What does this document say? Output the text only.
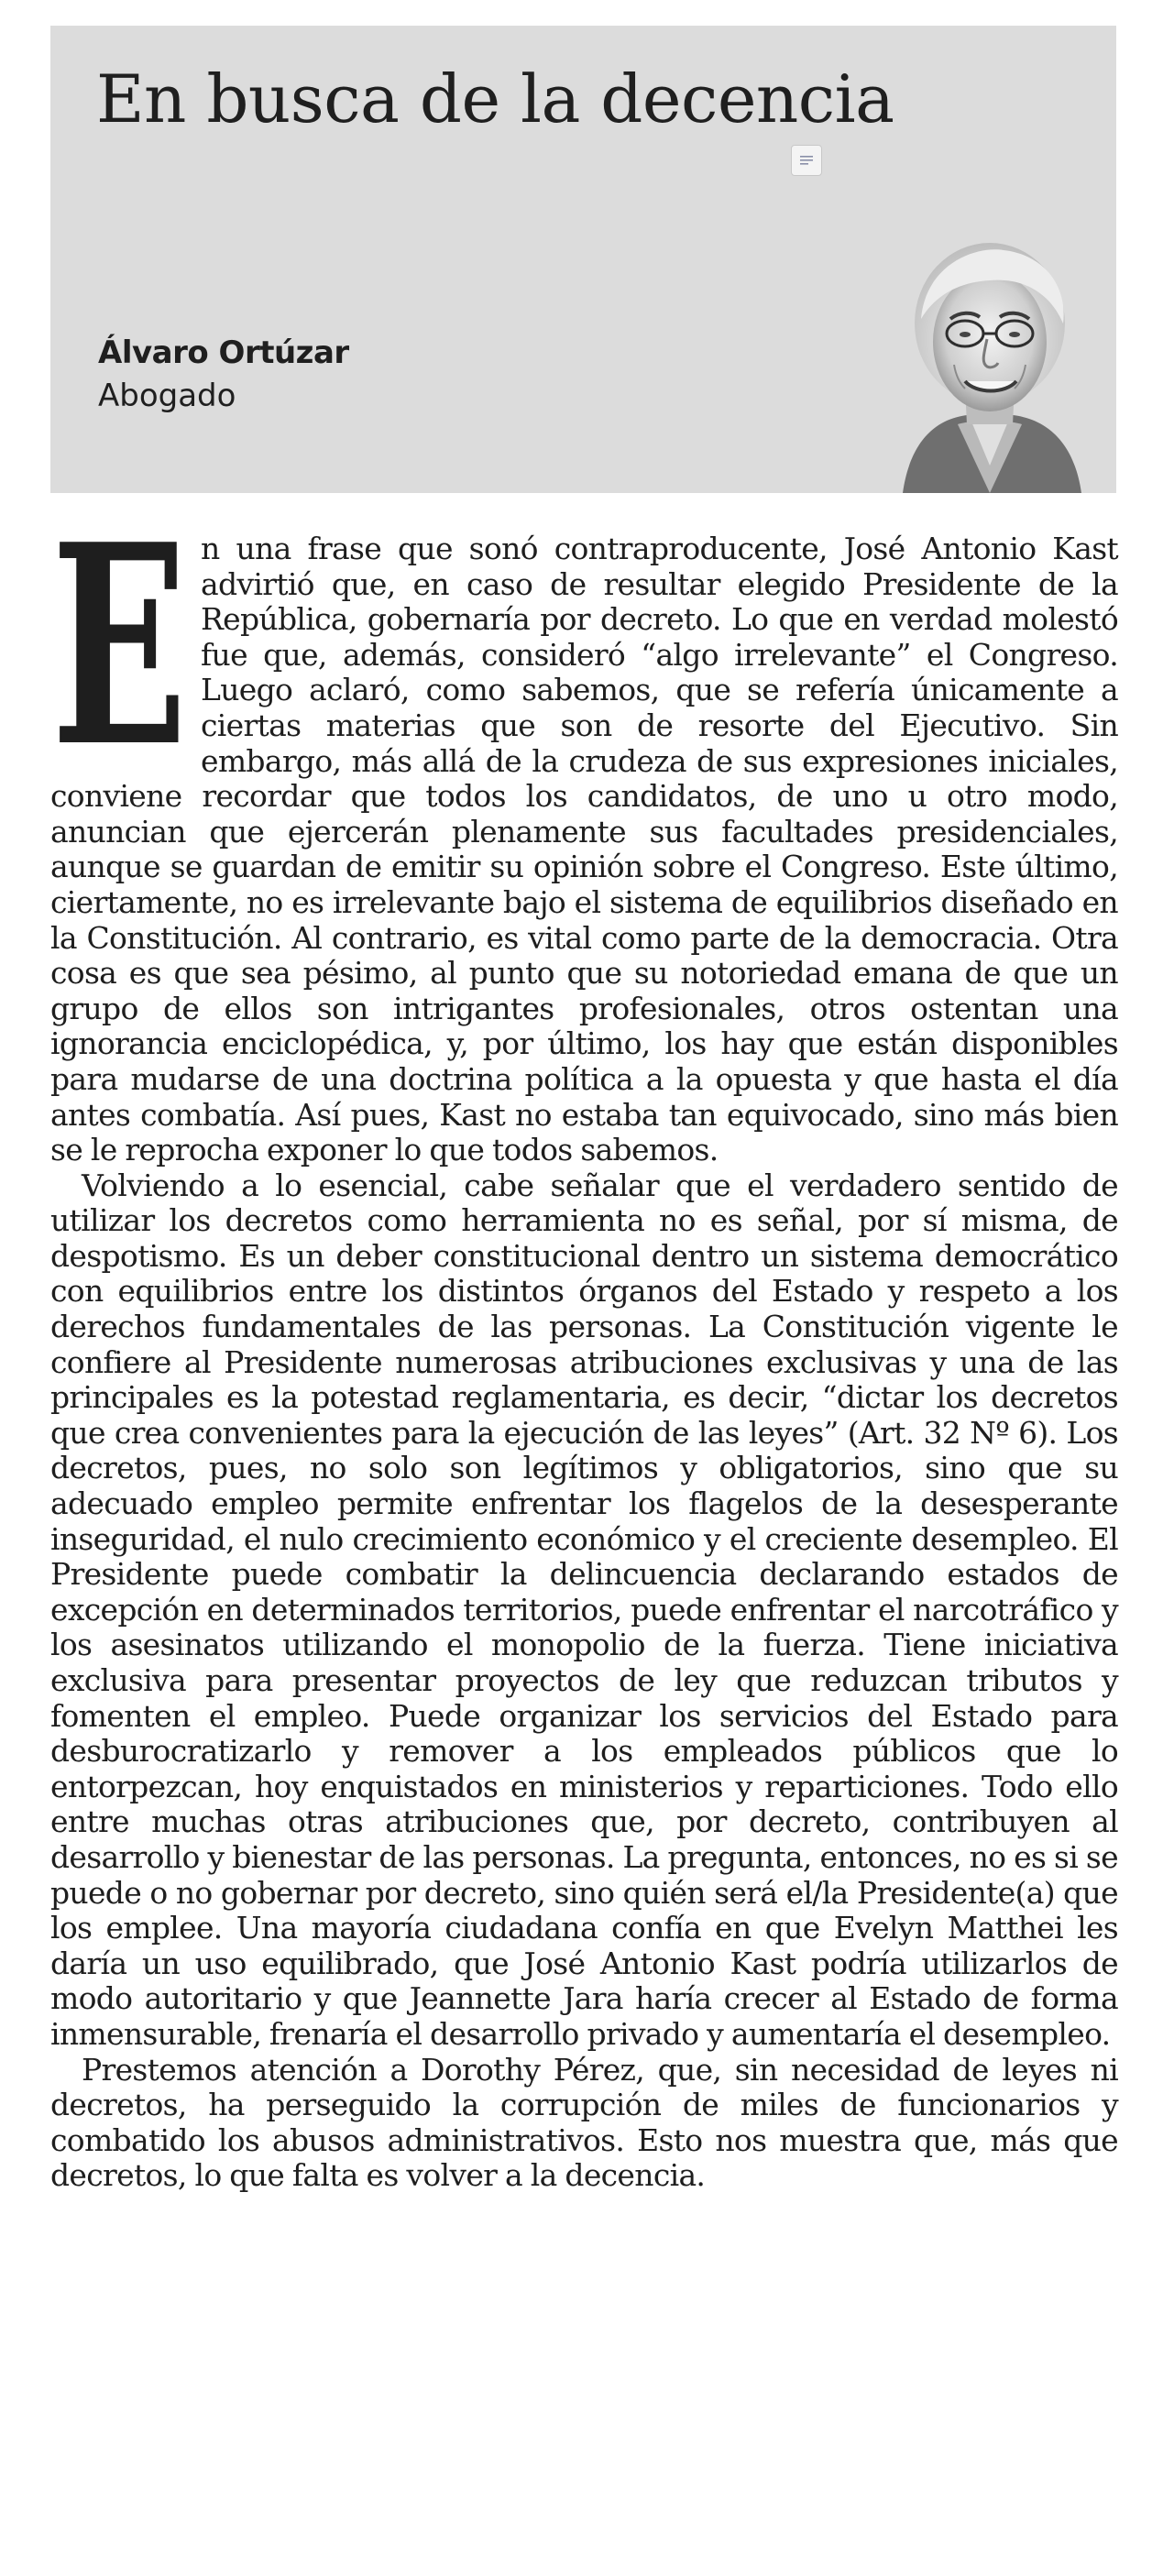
En busca de la decencia
Álvaro Ortúzar
Abogado

E n una frase que sonó contraproducente, José Antonio Kast advirtió que, en caso de resultar elegido Presidente de la República, gobernaría por decreto. Lo que en verdad molestó fue que, además, consideró “algo irrelevante” el Congreso. Luego aclaró, como sabemos, que se refería únicamente a ciertas materias que son de resorte del Ejecutivo. Sin embargo, más allá de la crudeza de sus expresiones iniciales, conviene recordar que todos los candidatos, de uno u otro modo, anuncian que ejercerán plenamente sus facultades presidenciales, aunque se guardan de emitir su opinión sobre el Congreso. Este último, ciertamente, no es irrelevante bajo el sistema de equilibrios diseñado en la Constitución. Al contrario, es vital como parte de la democracia. Otra cosa es que sea pésimo, al punto que su notoriedad emana de que un grupo de ellos son intrigantes profesionales, otros ostentan una ignorancia enciclopédica, y, por último, los hay que están disponibles para mudarse de una doctrina política a la opuesta y que hasta el día antes combatía. Así pues, Kast no estaba tan equivocado, sino más bien se le reprocha exponer lo que todos sabemos.

Volviendo a lo esencial, cabe señalar que el verdadero sentido de utilizar los decretos como herramienta no es señal, por sí misma, de despotismo. Es un deber constitucional dentro un sistema democrático con equilibrios entre los distintos órganos del Estado y respeto a los derechos fundamentales de las personas. La Constitución vigente le confiere al Presidente numerosas atribuciones exclusivas y una de las principales es la potestad reglamentaria, es decir, “dictar los decretos que crea convenientes para la ejecución de las leyes” (Art. 32 Nº 6). Los decretos, pues, no solo son legítimos y obligatorios, sino que su adecuado empleo permite enfrentar los flagelos de la desesperante inseguridad, el nulo crecimiento económico y el creciente desempleo. El Presidente puede combatir la delincuencia declarando estados de excepción en determinados territorios, puede enfrentar el narcotráfico y los asesinatos utilizando el monopolio de la fuerza. Tiene iniciativa exclusiva para presentar proyectos de ley que reduzcan tributos y fomenten el empleo. Puede organizar los servicios del Estado para desburocratizarlo y remover a los empleados públicos que lo entorpezcan, hoy enquistados en ministerios y reparticiones. Todo ello entre muchas otras atribuciones que, por decreto, contribuyen al desarrollo y bienestar de las personas. La pregunta, entonces, no es si se puede o no gobernar por decreto, sino quién será el/la Presidente(a) que los emplee. Una mayoría ciudadana confía en que Evelyn Matthei les daría un uso equilibrado, que José Antonio Kast podría utilizarlos de modo autoritario y que Jeannette Jara haría crecer al Estado de forma inmensurable, frenaría el desarrollo privado y aumentaría el desempleo.

Prestemos atención a Dorothy Pérez, que, sin necesidad de leyes ni decretos, ha perseguido la corrupción de miles de funcionarios y combatido los abusos administrativos. Esto nos muestra que, más que decretos, lo que falta es volver a la decencia.
